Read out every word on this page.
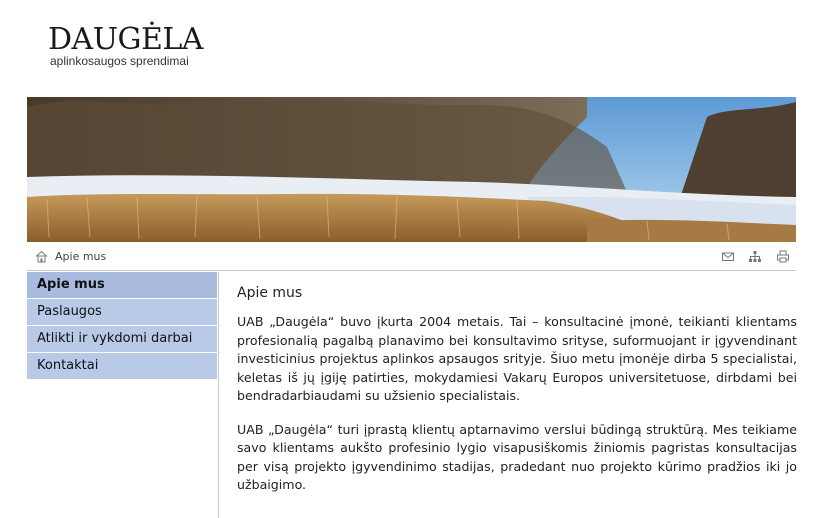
DAUGĖLA
aplinkosaugos sprendimai
Apie mus
Apie mus
Paslaugos
Atlikti ir vykdomi darbai
Kontaktai
Apie mus

UAB „Daugėla“ buvo įkurta 2004 metais. Tai – konsultacinė įmonė, teikianti klientams profesionalią pagalbą planavimo bei konsultavimo srityse, suformuojant ir įgyvendinant investicinius projektus aplinkos apsaugos srityje. Šiuo metu įmonėje dirba 5 specialistai, keletas iš jų įgiję patirties, mokydamiesi Vakarų Europos universitetuose, dirbdami bei bendradarbiaudami su užsienio specialistais.

UAB „Daugėla“ turi įprastą klientų aptarnavimo verslui būdingą struktūrą. Mes teikiame savo klientams aukšto profesinio lygio visapusiškomis žiniomis pagristas konsultacijas per visą projekto įgyvendinimo stadijas, pradedant nuo projekto kūrimo pradžios iki jo užbaigimo.
